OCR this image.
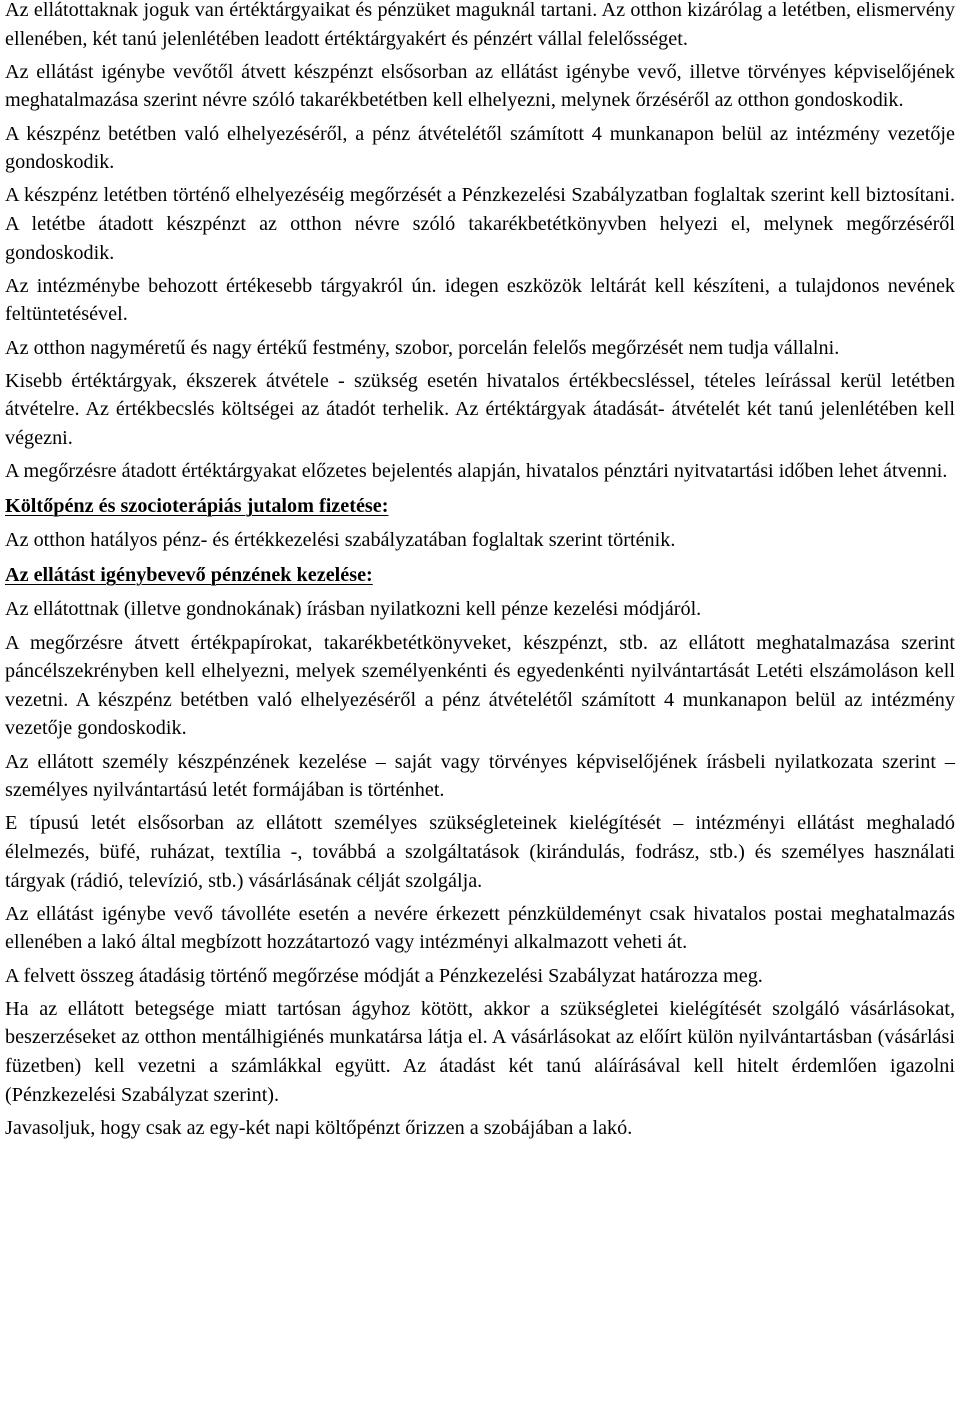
Az ellátottaknak joguk van értéktárgyaikat és pénzüket maguknál tartani. Az otthon kizárólag a letétben, elismervény ellenében, két tanú jelenlétében leadott értéktárgyakért és pénzért vállal felelősséget.

Az ellátást igénybe vevőtől átvett készpénzt elsősorban az ellátást igénybe vevő, illetve törvényes képviselőjének meghatalmazása szerint névre szóló takarékbetétben kell elhelyezni, melynek őrzéséről az otthon gondoskodik.

A készpénz betétben való elhelyezéséről, a pénz átvételétől számított 4 munkanapon belül az intézmény vezetője gondoskodik.

A készpénz letétben történő elhelyezéséig megőrzését a Pénzkezelési Szabályzatban foglaltak szerint kell biztosítani. A letétbe átadott készpénzt az otthon névre szóló takarékbetétkönyvben helyezi el, melynek megőrzéséről gondoskodik.

Az intézménybe behozott értékesebb tárgyakról ún. idegen eszközök leltárát kell készíteni, a tulajdonos nevének feltüntetésével.

Az otthon nagyméretű és nagy értékű festmény, szobor, porcelán felelős megőrzését nem tudja vállalni.

Kisebb értéktárgyak, ékszerek átvétele - szükség esetén hivatalos értékbecsléssel, tételes leírással kerül letétben átvételre. Az értékbecslés költségei az átadót terhelik. Az értéktárgyak átadását- átvételét két tanú jelenlétében kell végezni.

A megőrzésre átadott értéktárgyakat előzetes bejelentés alapján, hivatalos pénztári nyitvatartási időben lehet átvenni.

Költőpénz és szocioterápiás jutalom fizetése:

Az otthon hatályos pénz- és értékkezelési szabályzatában foglaltak szerint történik.

Az ellátást igénybevevő pénzének kezelése:

Az ellátottnak (illetve gondnokának) írásban nyilatkozni kell pénze kezelési módjáról.

A megőrzésre átvett értékpapírokat, takarékbetétkönyveket, készpénzt, stb. az ellátott meghatalmazása szerint páncélszekrényben kell elhelyezni, melyek személyenkénti és egyedenkénti nyilvántartását Letéti elszámoláson kell vezetni. A készpénz betétben való elhelyezéséről a pénz átvételétől számított 4 munkanapon belül az intézmény vezetője gondoskodik.

Az ellátott személy készpénzének kezelése – saját vagy törvényes képviselőjének írásbeli nyilatkozata szerint – személyes nyilvántartású letét formájában is történhet.

E típusú letét elsősorban az ellátott személyes szükségleteinek kielégítését – intézményi ellátást meghaladó élelmezés, büfé, ruházat, textília -, továbbá a szolgáltatások (kirándulás, fodrász, stb.) és személyes használati tárgyak (rádió, televízió, stb.) vásárlásának célját szolgálja.

Az ellátást igénybe vevő távolléte esetén a nevére érkezett pénzküldeményt csak hivatalos postai meghatalmazás ellenében a lakó által megbízott hozzátartozó vagy intézményi alkalmazott veheti át.

A felvett összeg átadásig történő megőrzése módját a Pénzkezelési Szabályzat határozza meg.

Ha az ellátott betegsége miatt tartósan ágyhoz kötött, akkor a szükségletei kielégítését szolgáló vásárlásokat, beszerzéseket az otthon mentálhigiénés munkatársa látja el. A vásárlásokat az előírt külön nyilvántartásban (vásárlási füzetben) kell vezetni a számlákkal együtt. Az átadást két tanú aláírásával kell hitelt érdemlően igazolni (Pénzkezelési Szabályzat szerint).

Javasoljuk, hogy csak az egy-két napi költőpénzt őrizzen a szobájában a lakó.
